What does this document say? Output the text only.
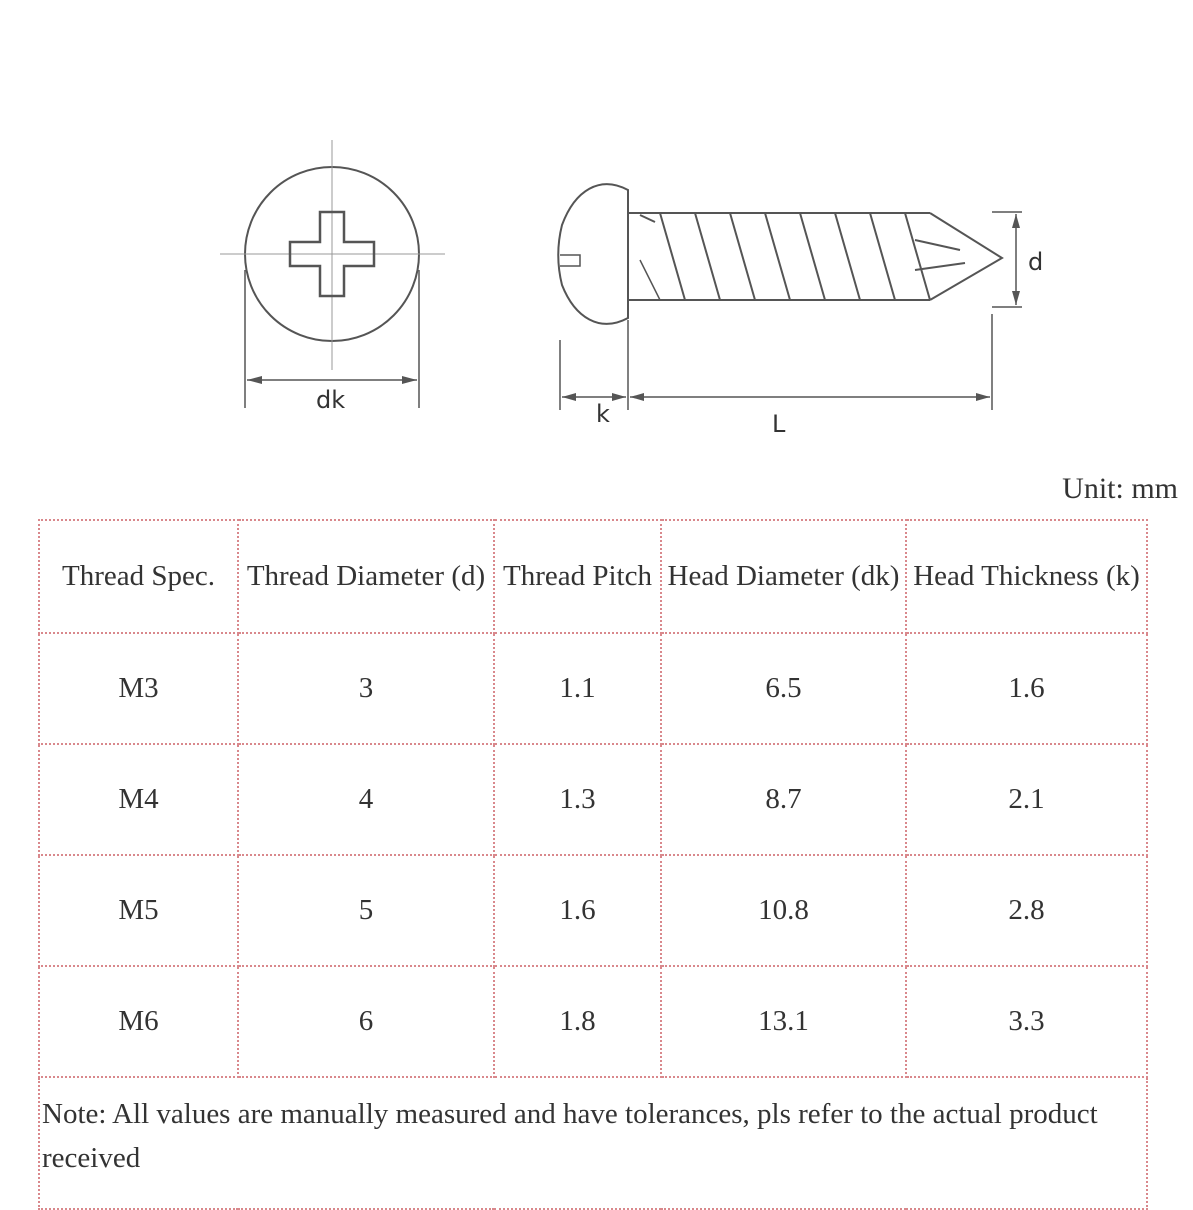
dk	k	L
d
Unit: mm
Thread Spec.	Thread Diameter (d)	Thread Pitch	Head Diameter (dk)	Head Thickness (k)
M3	3	1.1	6.5	1.6
M4	4	1.3	8.7	2.1
M5	5	1.6	10.8	2.8
M6	6	1.8	13.1	3.3
Note: All values are manually measured and have tolerances, pls refer to the actual product received				
